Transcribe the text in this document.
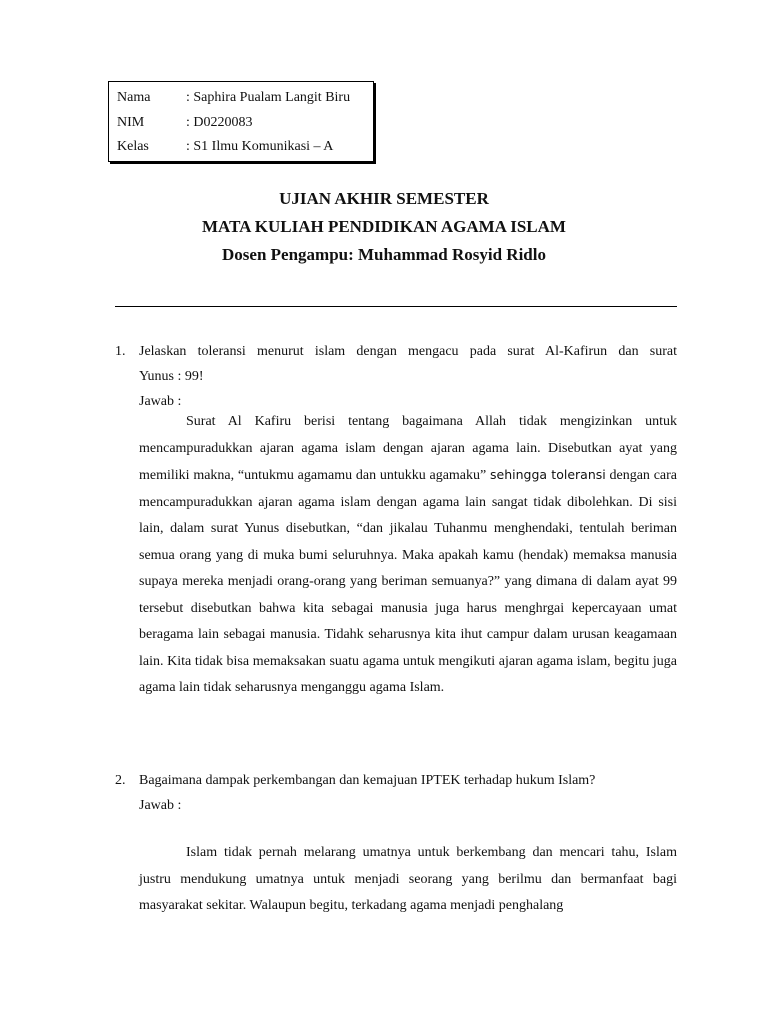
Nama	: Saphira Pualam Langit Biru
NIM	: D0220083
Kelas	: S1 Ilmu Komunikasi – A
UJIAN AKHIR SEMESTER
MATA KULIAH PENDIDIKAN AGAMA ISLAM
Dosen Pengampu: Muhammad Rosyid Ridlo
1. Jelaskan toleransi menurut islam dengan mengacu pada surat Al-Kafirun dan surat
Yunus : 99!
Jawab :

Surat Al Kafiru berisi tentang bagaimana Allah tidak mengizinkan untuk mencampuradukkan ajaran agama islam dengan ajaran agama lain. Disebutkan ayat yang memiliki makna, “untukmu agamamu dan untukku agamaku” sehingga toleransi dengan cara mencampuradukkan ajaran agama islam dengan agama lain sangat tidak dibolehkan. Di sisi lain, dalam surat Yunus disebutkan, “dan jikalau Tuhanmu menghendaki, tentulah beriman semua orang yang di muka bumi seluruhnya. Maka apakah kamu (hendak) memaksa manusia supaya mereka menjadi orang-orang yang beriman semuanya?” yang dimana di dalam ayat 99 tersebut disebutkan bahwa kita sebagai manusia juga harus menghrgai kepercayaan umat beragama lain sebagai manusia. Tidahk seharusnya kita ihut campur dalam urusan keagamaan lain. Kita tidak bisa memaksakan suatu agama untuk mengikuti ajaran agama islam, begitu juga agama lain tidak seharusnya menganggu agama Islam.

2. Bagaimana dampak perkembangan dan kemajuan IPTEK terhadap hukum Islam?
Jawab :

Islam tidak pernah melarang umatnya untuk berkembang dan mencari tahu, Islam justru mendukung umatnya untuk menjadi seorang yang berilmu dan bermanfaat bagi masyarakat sekitar. Walaupun begitu, terkadang agama menjadi penghalang
